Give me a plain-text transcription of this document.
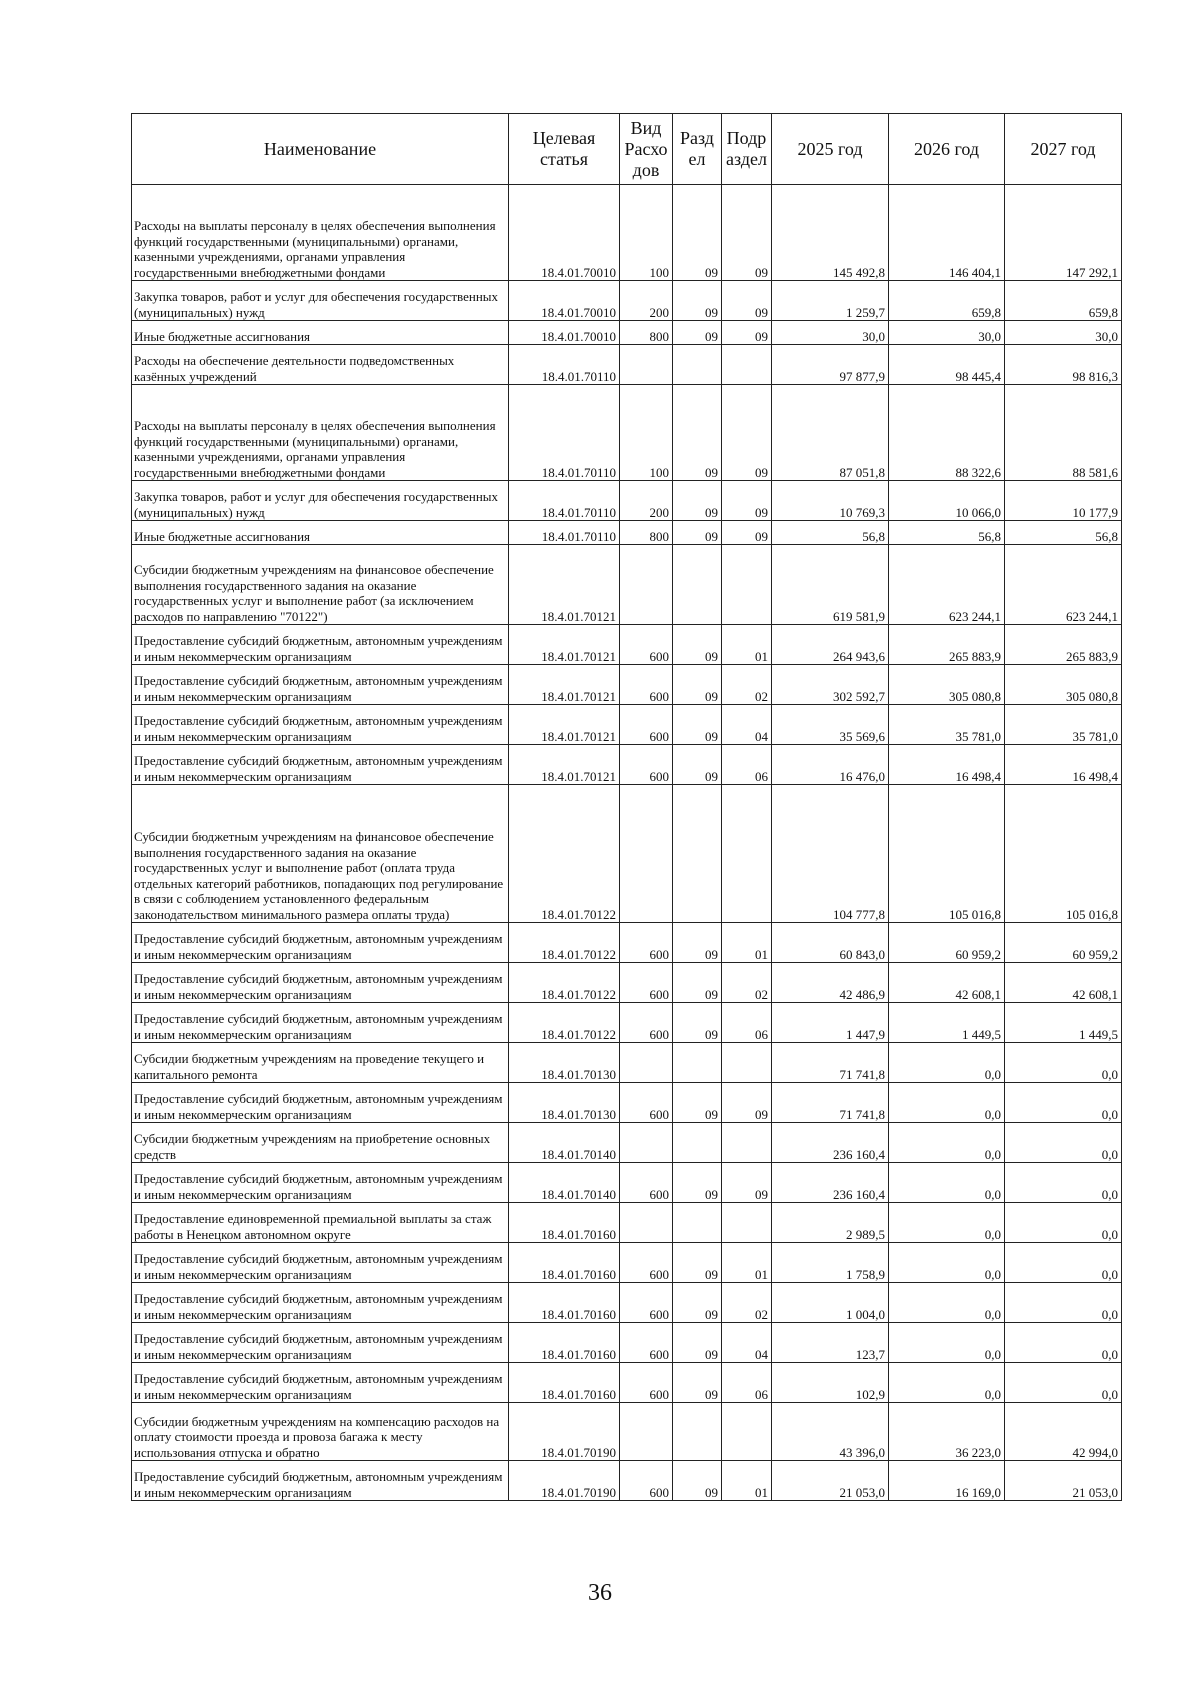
Наименование	Целевая статья	Вид Расхо дов	Разд ел	Подр аздел	2025 год	2026 год	2027 год
Расходы на выплаты персоналу в целях обеспечения выполнения функций государственными (муниципальными) органами, казенными учреждениями, органами управления государственными внебюджетными фондами	18.4.01.70010	100	09	09	145 492,8	146 404,1	147 292,1
Закупка товаров, работ и услуг для обеспечения государственных (муниципальных) нужд	18.4.01.70010	200	09	09	1 259,7	659,8	659,8
Иные бюджетные ассигнования	18.4.01.70010	800	09	09	30,0	30,0	30,0
Расходы на обеспечение деятельности подведомственных казённых учреждений	18.4.01.70110				97 877,9	98 445,4	98 816,3
Расходы на выплаты персоналу в целях обеспечения выполнения функций государственными (муниципальными) органами, казенными учреждениями, органами управления государственными внебюджетными фондами	18.4.01.70110	100	09	09	87 051,8	88 322,6	88 581,6
Закупка товаров, работ и услуг для обеспечения государственных (муниципальных) нужд	18.4.01.70110	200	09	09	10 769,3	10 066,0	10 177,9
Иные бюджетные ассигнования	18.4.01.70110	800	09	09	56,8	56,8	56,8
Субсидии бюджетным учреждениям на финансовое обеспечение выполнения государственного задания на оказание государственных услуг и выполнение работ (за исключением расходов по направлению "70122")	18.4.01.70121				619 581,9	623 244,1	623 244,1
Предоставление субсидий бюджетным, автономным учреждениям и иным некоммерческим организациям	18.4.01.70121	600	09	01	264 943,6	265 883,9	265 883,9
Предоставление субсидий бюджетным, автономным учреждениям и иным некоммерческим организациям	18.4.01.70121	600	09	02	302 592,7	305 080,8	305 080,8
Предоставление субсидий бюджетным, автономным учреждениям и иным некоммерческим организациям	18.4.01.70121	600	09	04	35 569,6	35 781,0	35 781,0
Предоставление субсидий бюджетным, автономным учреждениям и иным некоммерческим организациям	18.4.01.70121	600	09	06	16 476,0	16 498,4	16 498,4
Субсидии бюджетным учреждениям на финансовое обеспечение выполнения государственного задания на оказание государственных услуг и выполнение работ (оплата труда отдельных категорий работников, попадающих под регулирование в связи с соблюдением установленного федеральным законодательством минимального размера оплаты труда)	18.4.01.70122				104 777,8	105 016,8	105 016,8
Предоставление субсидий бюджетным, автономным учреждениям и иным некоммерческим организациям	18.4.01.70122	600	09	01	60 843,0	60 959,2	60 959,2
Предоставление субсидий бюджетным, автономным учреждениям и иным некоммерческим организациям	18.4.01.70122	600	09	02	42 486,9	42 608,1	42 608,1
Предоставление субсидий бюджетным, автономным учреждениям и иным некоммерческим организациям	18.4.01.70122	600	09	06	1 447,9	1 449,5	1 449,5
Субсидии бюджетным учреждениям на проведение текущего и капитального ремонта	18.4.01.70130				71 741,8	0,0	0,0
Предоставление субсидий бюджетным, автономным учреждениям и иным некоммерческим организациям	18.4.01.70130	600	09	09	71 741,8	0,0	0,0
Субсидии бюджетным учреждениям на приобретение основных средств	18.4.01.70140				236 160,4	0,0	0,0
Предоставление субсидий бюджетным, автономным учреждениям и иным некоммерческим организациям	18.4.01.70140	600	09	09	236 160,4	0,0	0,0
Предоставление единовременной премиальной выплаты за стаж работы в Ненецком автономном округе	18.4.01.70160				2 989,5	0,0	0,0
Предоставление субсидий бюджетным, автономным учреждениям и иным некоммерческим организациям	18.4.01.70160	600	09	01	1 758,9	0,0	0,0
Предоставление субсидий бюджетным, автономным учреждениям и иным некоммерческим организациям	18.4.01.70160	600	09	02	1 004,0	0,0	0,0
Предоставление субсидий бюджетным, автономным учреждениям и иным некоммерческим организациям	18.4.01.70160	600	09	04	123,7	0,0	0,0
Предоставление субсидий бюджетным, автономным учреждениям и иным некоммерческим организациям	18.4.01.70160	600	09	06	102,9	0,0	0,0
Субсидии бюджетным учреждениям на компенсацию расходов на оплату стоимости проезда и провоза багажа к месту использования отпуска и обратно	18.4.01.70190				43 396,0	36 223,0	42 994,0
Предоставление субсидий бюджетным, автономным учреждениям и иным некоммерческим организациям	18.4.01.70190	600	09	01	21 053,0	16 169,0	21 053,0
36
